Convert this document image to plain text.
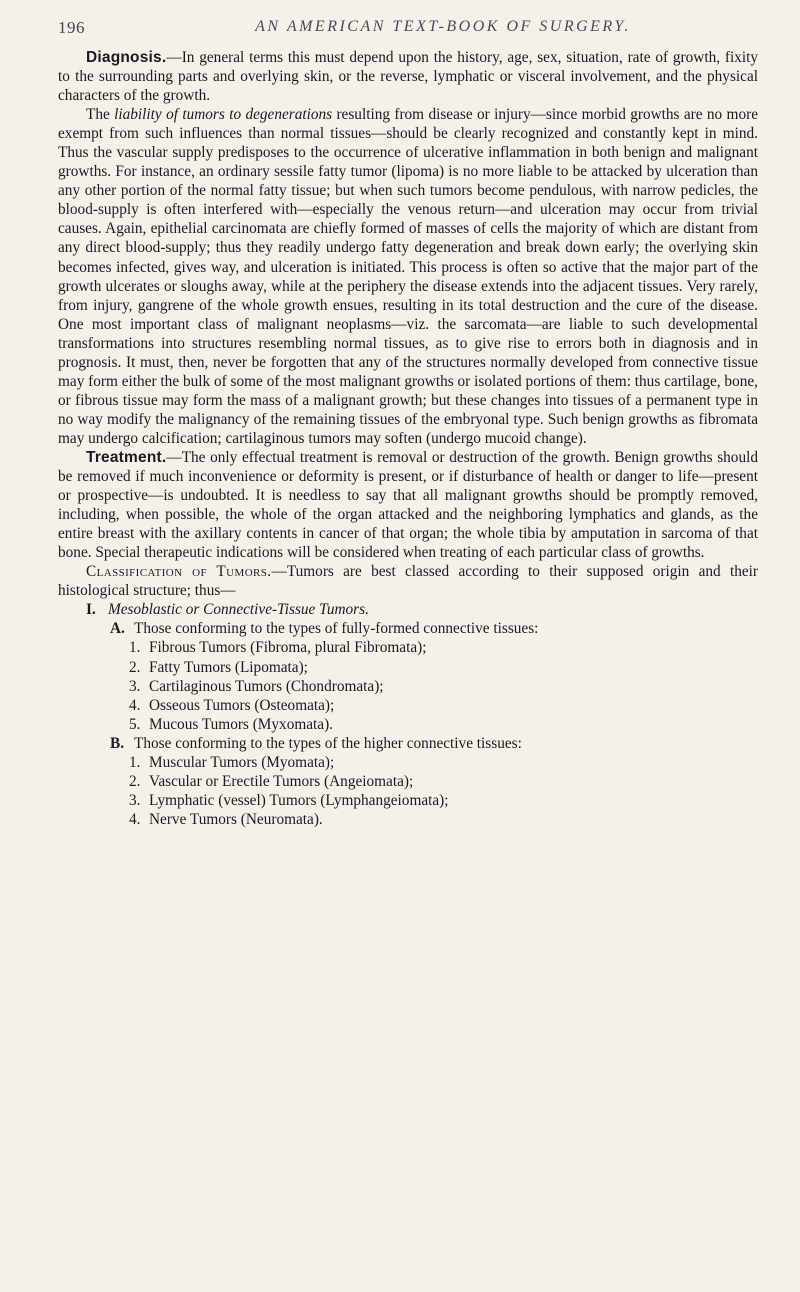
196	AN AMERICAN TEXT-BOOK OF SURGERY.

Diagnosis.—In general terms this must depend upon the history, age, sex, situation, rate of growth, fixity to the surrounding parts and overlying skin, or the reverse, lymphatic or visceral involvement, and the physical characters of the growth.

The liability of tumors to degenerations resulting from disease or injury—since morbid growths are no more exempt from such influences than normal tissues—should be clearly recognized and constantly kept in mind. Thus the vascular supply predisposes to the occurrence of ulcerative inflammation in both benign and malignant growths. For instance, an ordinary sessile fatty tumor (lipoma) is no more liable to be attacked by ulceration than any other portion of the normal fatty tissue; but when such tumors become pendulous, with narrow pedicles, the blood-supply is often interfered with—especially the venous return—and ulceration may occur from trivial causes. Again, epithelial carcinomata are chiefly formed of masses of cells the majority of which are distant from any direct blood-supply; thus they readily undergo fatty degeneration and break down early; the overlying skin becomes infected, gives way, and ulceration is initiated. This process is often so active that the major part of the growth ulcerates or sloughs away, while at the periphery the disease extends into the adjacent tissues. Very rarely, from injury, gangrene of the whole growth ensues, resulting in its total destruction and the cure of the disease. One most important class of malignant neoplasms—viz. the sarcomata—are liable to such developmental transformations into structures resembling normal tissues, as to give rise to errors both in diagnosis and in prognosis. It must, then, never be forgotten that any of the structures normally developed from connective tissue may form either the bulk of some of the most malignant growths or isolated portions of them: thus cartilage, bone, or fibrous tissue may form the mass of a malignant growth; but these changes into tissues of a permanent type in no way modify the malignancy of the remaining tissues of the embryonal type. Such benign growths as fibromata may undergo calcification; cartilaginous tumors may soften (undergo mucoid change).

Treatment.—The only effectual treatment is removal or destruction of the growth. Benign growths should be removed if much inconvenience or deformity is present, or if disturbance of health or danger to life—present or prospective—is undoubted. It is needless to say that all malignant growths should be promptly removed, including, when possible, the whole of the organ attacked and the neighboring lymphatics and glands, as the entire breast with the axillary contents in cancer of that organ; the whole tibia by amputation in sarcoma of that bone. Special therapeutic indications will be considered when treating of each particular class of growths.

Classification of Tumors.—Tumors are best classed according to their supposed origin and their histological structure; thus—

I. Mesoblastic or Connective-Tissue Tumors.

A. Those conforming to the types of fully-formed connective tissues:

1. Fibrous Tumors (Fibroma, plural Fibromata);

2. Fatty Tumors (Lipomata);

3. Cartilaginous Tumors (Chondromata);

4. Osseous Tumors (Osteomata);

5. Mucous Tumors (Myxomata).

B. Those conforming to the types of the higher connective tissues:

1. Muscular Tumors (Myomata);

2. Vascular or Erectile Tumors (Angeiomata);

3. Lymphatic (vessel) Tumors (Lymphangeiomata);

4. Nerve Tumors (Neuromata).
